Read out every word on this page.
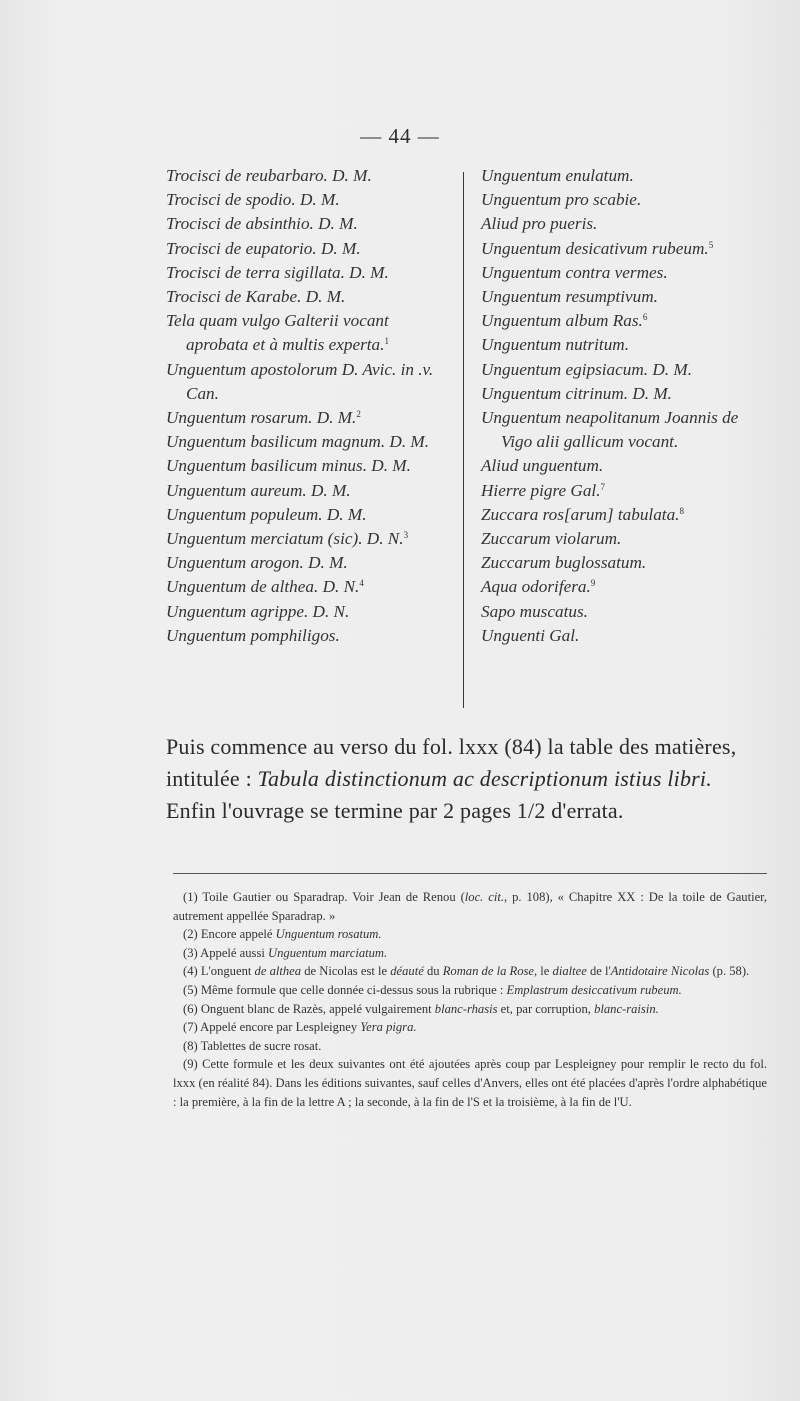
— 44 —
Trocisci de reubarbaro. D. M.
Trocisci de spodio. D. M.
Trocisci de absinthio. D. M.
Trocisci de eupatorio. D. M.
Trocisci de terra sigillata. D. M.
Trocisci de Karabe. D. M.
Tela quam vulgo Galterii vocant aprobata et à multis experta.$^1$
Unguentum apostolorum D. Avic. in .v. Can.
Unguentum rosarum. D. M.$^2$
Unguentum basilicum magnum. D. M.
Unguentum basilicum minus. D. M.
Unguentum aureum. D. M.
Unguentum populeum. D. M.
Unguentum merciatum (sic). D. N.$^3$
Unguentum arogon. D. M.
Unguentum de althea. D. N.$^4$
Unguentum agrippe. D. N.
Unguentum pomphiligos.
Unguentum enulatum.
Unguentum pro scabie.
Aliud pro pueris.
Unguentum desicativum rubeum.$^5$
Unguentum contra vermes.
Unguentum resumptivum.
Unguentum album Ras.$^6$
Unguentum nutritum.
Unguentum egipsiacum. D. M.
Unguentum citrinum. D. M.
Unguentum neapolitanum Joannis de Vigo alii gallicum vocant.
Aliud unguentum.
Hierre pigre Gal.$^7$
Zuccara ros[arum] tabulata.$^8$
Zuccarum violarum.
Zuccarum buglossatum.
Aqua odorifera.$^9$
Sapo muscatus.
Unguenti Gal.

Puis commence au verso du fol. lxxx (84) la table des matières, intitulée : Tabula distinctionum ac descriptionum istius libri. Enfin l'ouvrage se termine par 2 pages 1/2 d'errata.

(1) Toile Gautier ou Sparadrap. Voir Jean de Renou (loc. cit., p. 108), « Chapitre XX : De la toile de Gautier, autrement appellée Sparadrap. »
(2) Encore appelé Unguentum rosatum.
(3) Appelé aussi Unguentum marciatum.
(4) L'onguent de althea de Nicolas est le déauté du Roman de la Rose, le dialtee de l'Antidotaire Nicolas (p. 58).
(5) Même formule que celle donnée ci-dessus sous la rubrique : Emplastrum desiccativum rubeum.
(6) Onguent blanc de Razès, appelé vulgairement blanc-rhasis et, par corruption, blanc-raisin.
(7) Appelé encore par Lespleigney Yera pigra.
(8) Tablettes de sucre rosat.
(9) Cette formule et les deux suivantes ont été ajoutées après coup par Lespleigney pour remplir le recto du fol. lxxx (en réalité 84). Dans les éditions suivantes, sauf celles d'Anvers, elles ont été placées d'après l'ordre alphabétique : la première, à la fin de la lettre A ; la seconde, à la fin de l'S et la troisième, à la fin de l'U.
